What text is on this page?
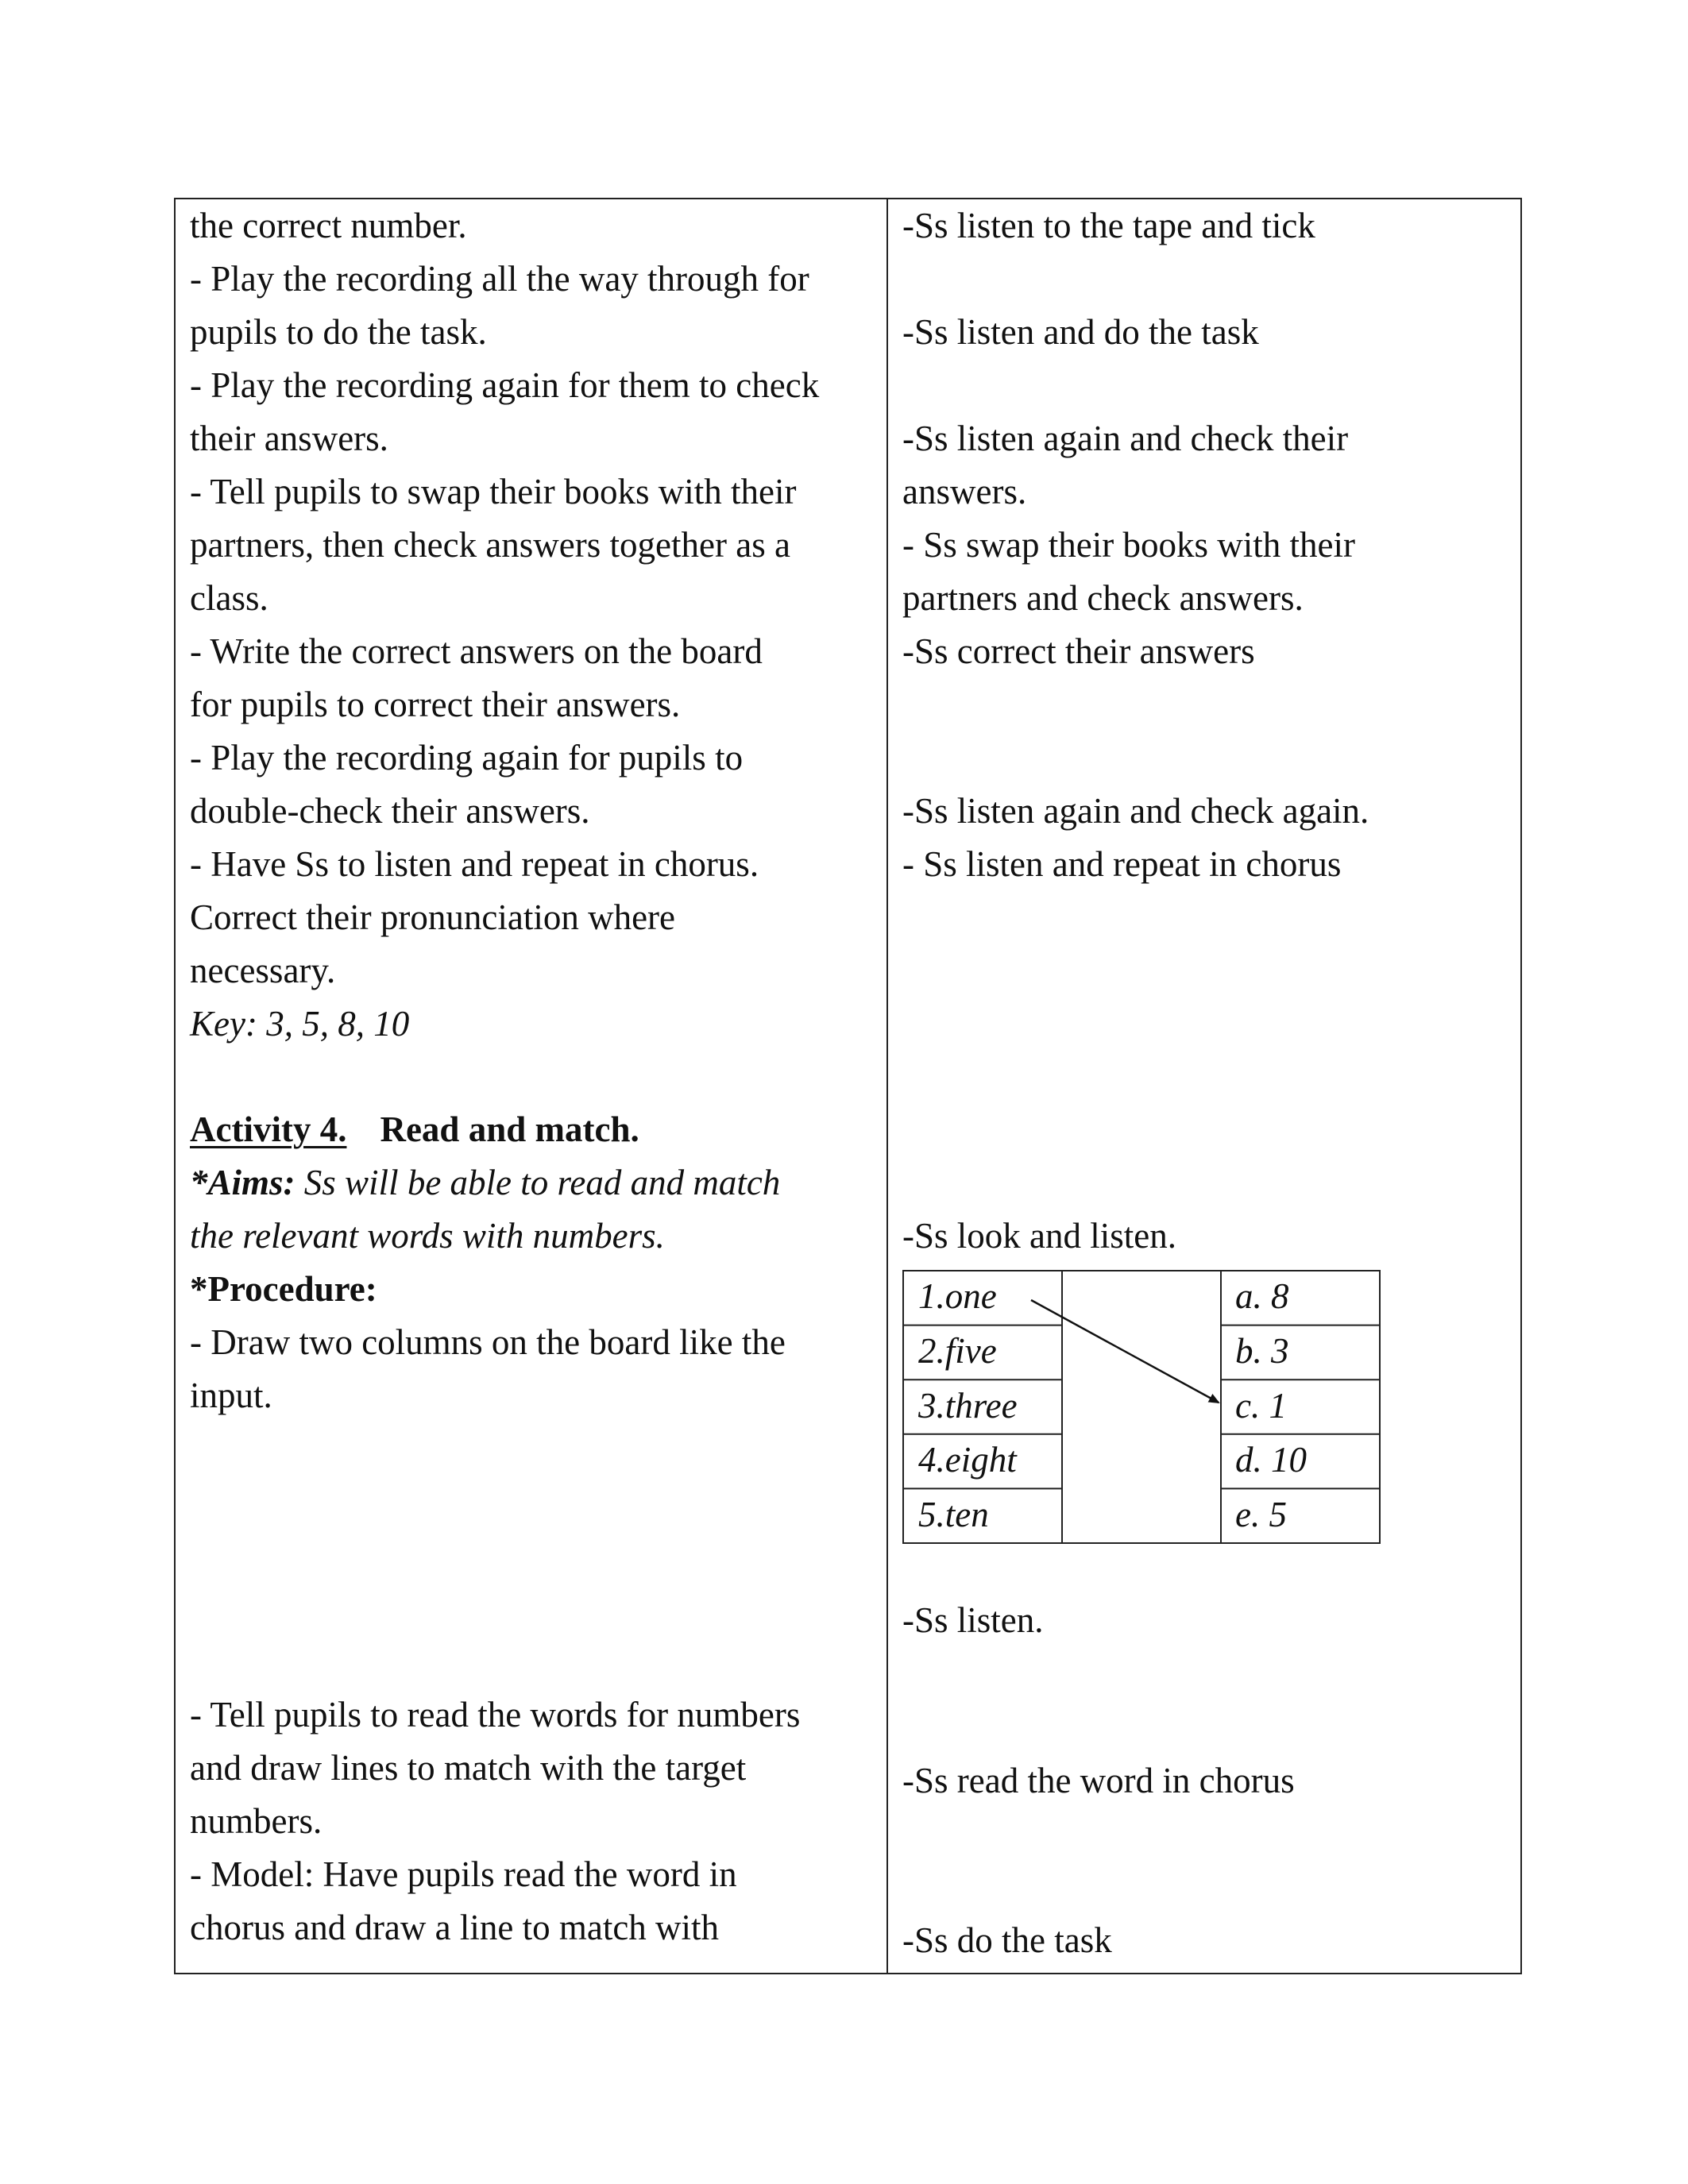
the correct number.
- Play the recording all the way through for
pupils to do the task.
- Play the recording again for them to check
their answers.
- Tell pupils to swap their books with their
partners, then check answers together as a
class.
- Write the correct answers on the board
for pupils to correct their answers.
- Play the recording again for pupils to
double-check their answers.
- Have Ss to listen and repeat in chorus.
Correct their pronunciation where
necessary.
Key: 3, 5, 8, 10
Activity 4. Read and match.
*Aims: Ss will be able to read and match
the relevant words with numbers.
*Procedure:
- Draw two columns on the board like the
input.
- Tell pupils to read the words for numbers
and draw lines to match with the target
numbers.
- Model: Have pupils read the word in
chorus and draw a line to match with
-Ss listen to the tape and tick
-Ss listen and do the task
-Ss listen again and check their
answers.
- Ss swap their books with their
partners and check answers.
-Ss correct their answers
-Ss listen again and check again.
- Ss listen and repeat in chorus
-Ss look and listen.
1.one
2.five
3.three
4.eight
5.ten
a. 8
b. 3
c. 1
d. 10
e. 5
-Ss listen.
-Ss read the word in chorus
-Ss do the task
